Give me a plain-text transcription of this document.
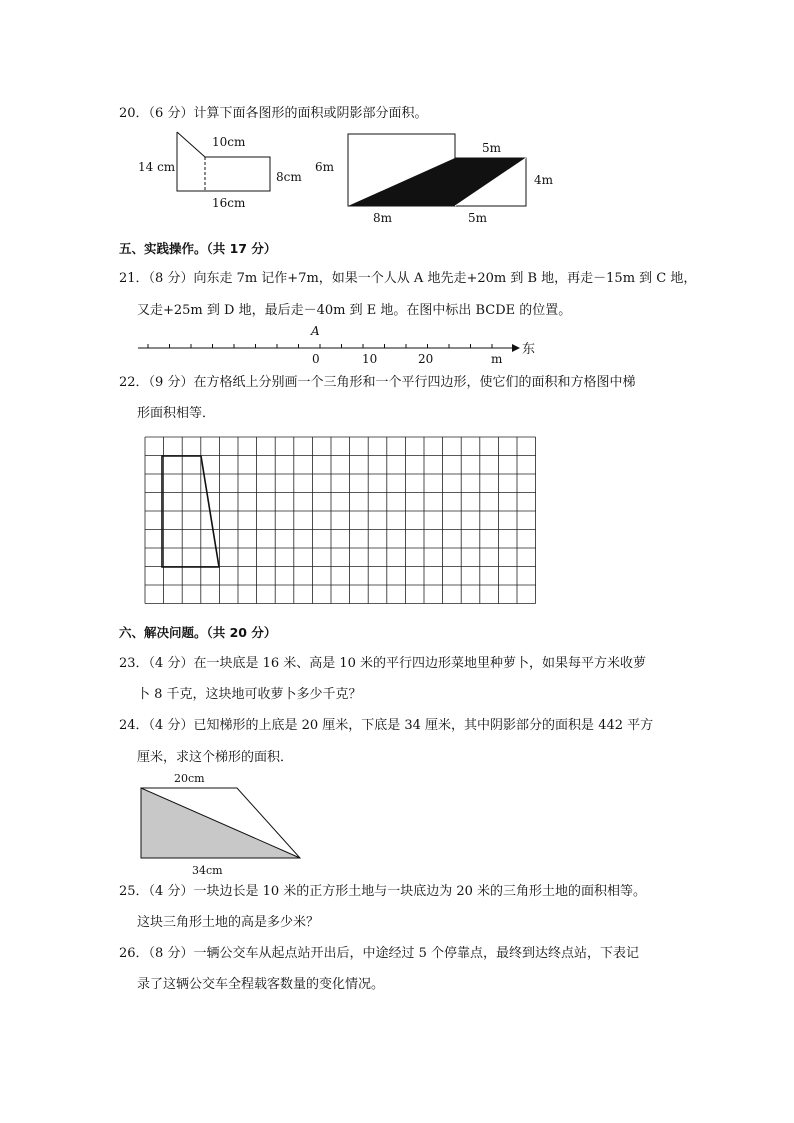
20．（6 分）计算下面各图形的面积或阴影部分面积。
10cm
14 cm
8cm
16cm
6m
5m
4m
8m	5m
A
0	10	20	m
东
20cm
34cm
五、实践操作。（共 17 分）
21．（8 分）向东走 7m 记作+7m，如果一个人从 A 地先走+20m 到 B 地，再走－15m 到 C 地，
又走+25m 到 D 地，最后走－40m 到 E 地。在图中标出 BCDE 的位置。
22．（9 分）在方格纸上分别画一个三角形和一个平行四边形，使它们的面积和方格图中梯
形面积相等．
六、解决问题。（共 20 分）
23．（4 分）在一块底是 16 米、高是 10 米的平行四边形菜地里种萝卜，如果每平方米收萝
卜 8 千克，这块地可收萝卜多少千克？
24．（4 分）已知梯形的上底是 20 厘米，下底是 34 厘米，其中阴影部分的面积是 442 平方
厘米，求这个梯形的面积．
25．（4 分）一块边长是 10 米的正方形土地与一块底边为 20 米的三角形土地的面积相等。
这块三角形土地的高是多少米？
26．（8 分）一辆公交车从起点站开出后，中途经过 5 个停靠点，最终到达终点站，下表记
录了这辆公交车全程载客数量的变化情况。
